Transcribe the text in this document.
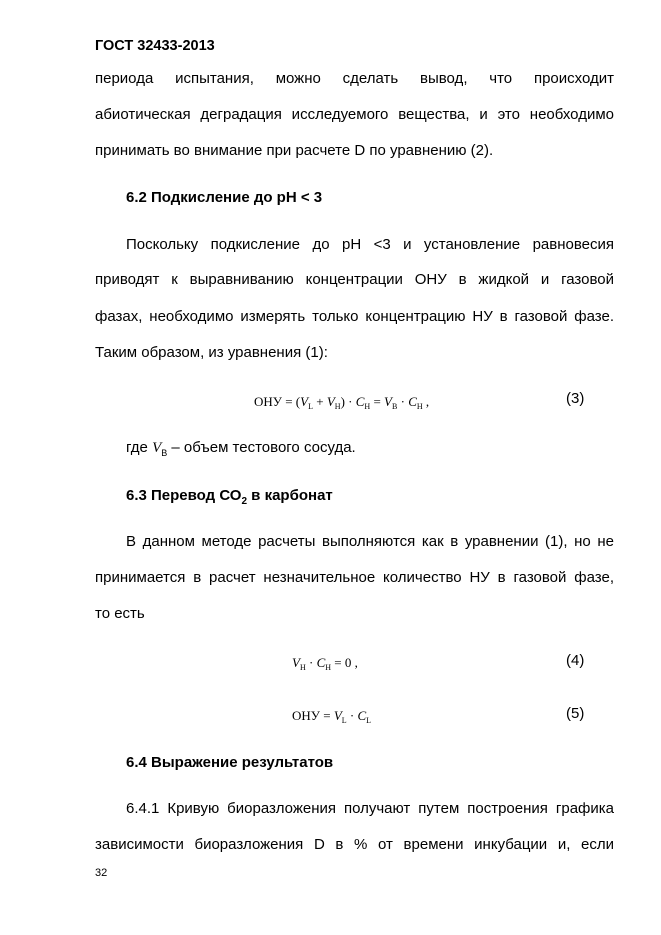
ГОСТ 32433-2013
периода испытания, можно сделать вывод, что происходит
абиотическая деградация исследуемого вещества, и это необходимо
принимать во внимание при расчете D по уравнению (2).
6.2 Подкисление до рН < 3
Поскольку подкисление до рН <3 и установление равновесия
приводят к выравниванию концентрации ОНУ в жидкой и газовой
фазах, необходимо измерять только концентрацию НУ в газовой фазе.
Таким образом, из уравнения (1):
ОНУ = $(V_L + V_H) \cdot C_H = V_B \cdot C_H$ ,	(3)
где $V_B$ – объем тестового сосуда.
6.3 Перевод $СО_2$ в карбонат
В данном методе расчеты выполняются как в уравнении (1), но не
принимается в расчет незначительное количество НУ в газовой фазе,
то есть
$V_H \cdot C_H = 0$ ,	(4)
ОНУ = $V_L \cdot C_L$	(5)
6.4 Выражение результатов
6.4.1 Кривую биоразложения получают путем построения графика
зависимости биоразложения D в % от времени инкубации и, если
32
